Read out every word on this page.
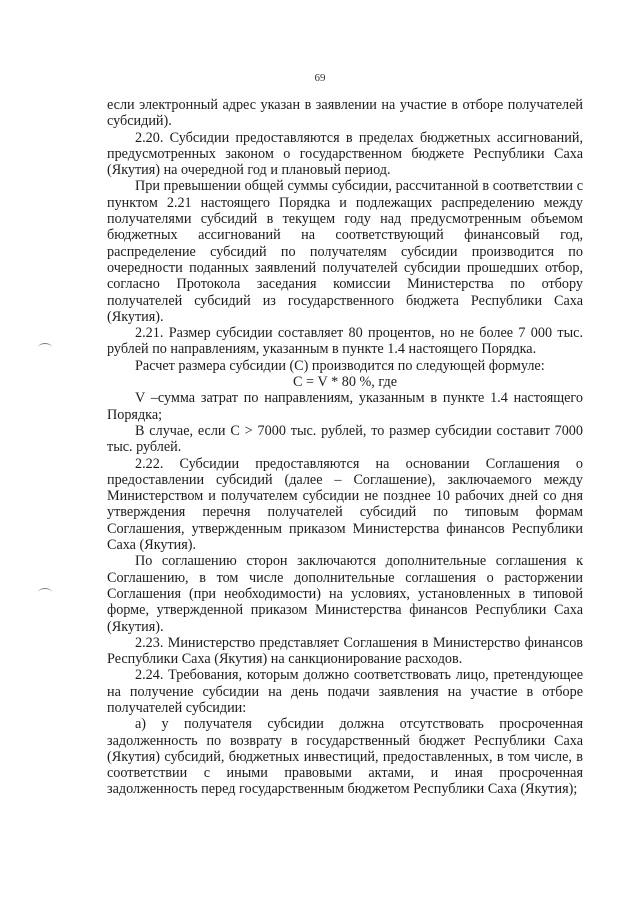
69

если электронный адрес указан в заявлении на участие в отборе получателей субсидий).

2.20. Субсидии предоставляются в пределах бюджетных ассигнований, предусмотренных законом о государственном бюджете Республики Саха (Якутия) на очередной год и плановый период.

При превышении общей суммы субсидии, рассчитанной в соответствии с пунктом 2.21 настоящего Порядка и подлежащих распределению между получателями субсидий в текущем году над предусмотренным объемом бюджетных ассигнований на соответствующий финансовый год, распределение субсидий по получателям субсидии производится по очередности поданных заявлений получателей субсидии прошедших отбор, согласно Протокола заседания комиссии Министерства по отбору получателей субсидий из государственного бюджета Республики Саха (Якутия).

2.21. Размер субсидии составляет 80 процентов, но не более 7 000 тыс. рублей по направлениям, указанным в пункте 1.4 настоящего Порядка.

Расчет размера субсидии (С) производится по следующей формуле:

С = V * 80 %, где

V –сумма затрат по направлениям, указанным в пункте 1.4 настоящего Порядка;

В случае, если С > 7000 тыс. рублей, то размер субсидии составит 7000 тыс. рублей.

2.22. Субсидии предоставляются на основании Соглашения о предоставлении субсидий (далее – Соглашение), заключаемого между Министерством и получателем субсидии не позднее 10 рабочих дней со дня утверждения перечня получателей субсидий по типовым формам Соглашения, утвержденным приказом Министерства финансов Республики Саха (Якутия).

По соглашению сторон заключаются дополнительные соглашения к Соглашению, в том числе дополнительные соглашения о расторжении Соглашения (при необходимости) на условиях, установленных в типовой форме, утвержденной приказом Министерства финансов Республики Саха (Якутия).

2.23. Министерство представляет Соглашения в Министерство финансов Республики Саха (Якутия) на санкционирование расходов.

2.24. Требования, которым должно соответствовать лицо, претендующее на получение субсидии на день подачи заявления на участие в отборе получателей субсидии:

а) у получателя субсидии должна отсутствовать просроченная задолженность по возврату в государственный бюджет Республики Саха (Якутия) субсидий, бюджетных инвестиций, предоставленных, в том числе, в соответствии с иными правовыми актами, и иная просроченная задолженность перед государственным бюджетом Республики Саха (Якутия);
